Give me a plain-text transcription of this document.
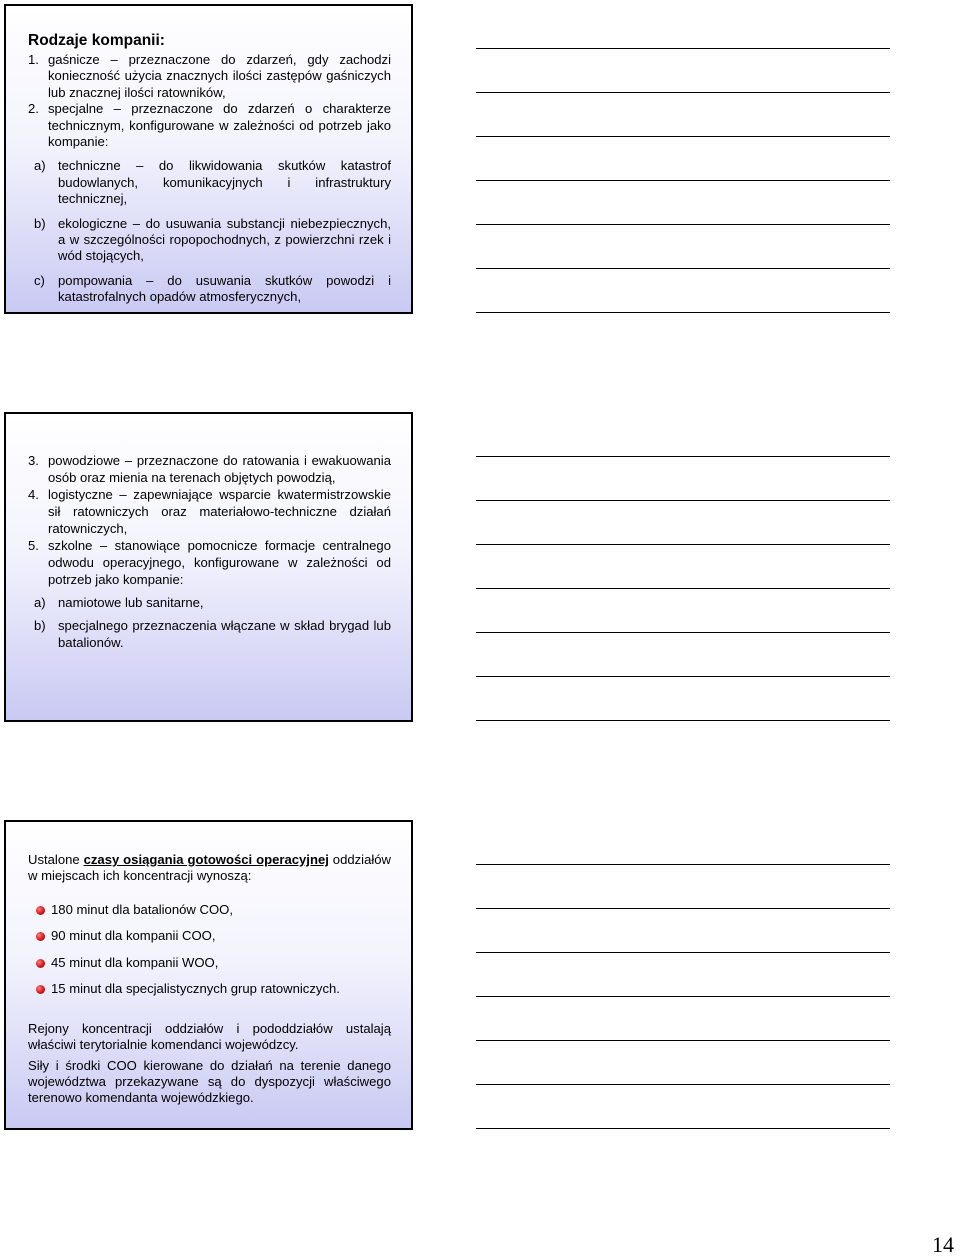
Rodzaje kompanii:
1. gaśnicze – przeznaczone do zdarzeń, gdy zachodzi konieczność użycia znacznych ilości zastępów gaśniczych lub znacznej ilości ratowników,
2. specjalne – przeznaczone do zdarzeń o charakterze technicznym, konfigurowane w zależności od potrzeb jako kompanie:
a) techniczne – do likwidowania skutków katastrof budowlanych, komunikacyjnych i infrastruktury technicznej,
b) ekologiczne – do usuwania substancji niebezpiecznych, a w szczególności ropopochodnych, z powierzchni rzek i wód stojących,
c) pompowania – do usuwania skutków powodzi i katastrofalnych opadów atmosferycznych,
3. powodziowe – przeznaczone do ratowania i ewakuowania osób oraz mienia na terenach objętych powodzią,
4. logistyczne – zapewniające wsparcie kwatermistrzowskie sił ratowniczych oraz materiałowo-techniczne działań ratowniczych,
5. szkolne – stanowiące pomocnicze formacje centralnego odwodu operacyjnego, konfigurowane w zależności od potrzeb jako kompanie:
a) namiotowe lub sanitarne,
b) specjalnego przeznaczenia włączane w skład brygad lub batalionów.
Ustalone czasy osiągania gotowości operacyjnej oddziałów w miejscach ich koncentracji wynoszą:
180 minut dla batalionów COO,
90 minut dla kompanii COO,
45 minut dla kompanii WOO,
15 minut dla specjalistycznych grup ratowniczych.
Rejony koncentracji oddziałów i pododdziałów ustalają właściwi terytorialnie komendanci wojewódzcy.
Siły i środki COO kierowane do działań na terenie danego województwa przekazywane są do dyspozycji właściwego terenowo komendanta wojewódzkiego.
14
